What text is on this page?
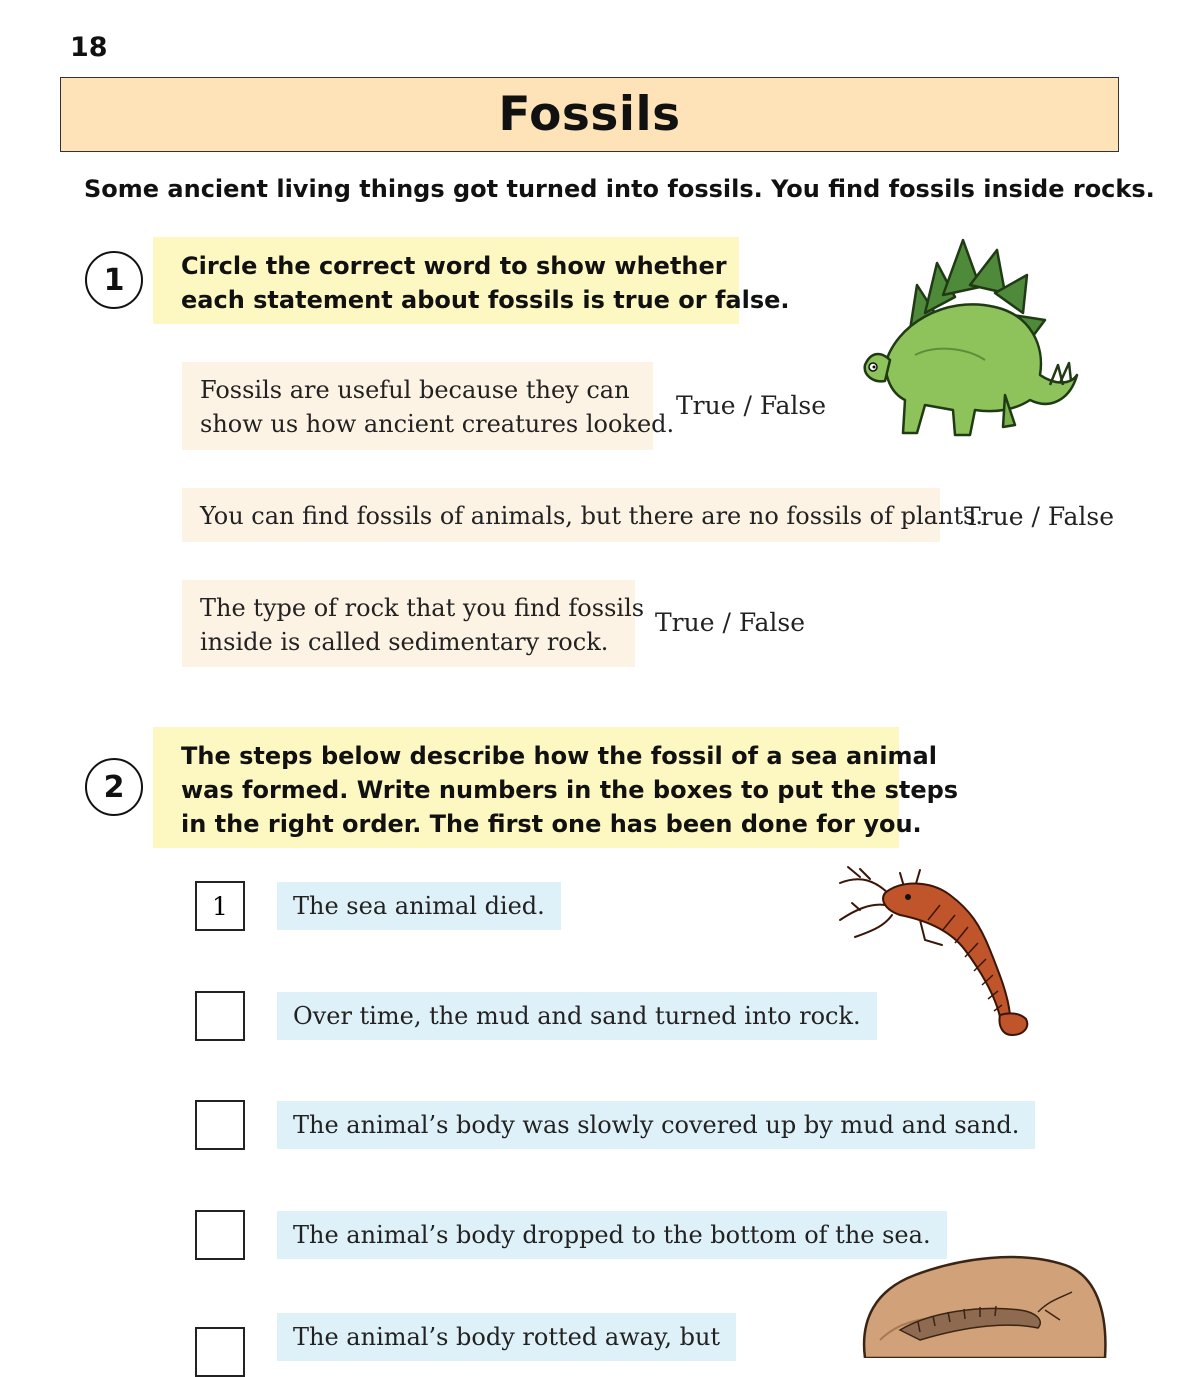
18
Fossils
Some ancient living things got turned into fossils. You find fossils inside rocks.
1	Circle the correct word to show whether
each statement about fossils is true or false.
Fossils are useful because they can
show us how ancient creatures looked.
True / False
You can find fossils of animals, but there are no fossils of plants.
True / False
The type of rock that you find fossils
inside is called sedimentary rock.
True / False
2
The steps below describe how the fossil of a sea animal
was formed. Write numbers in the boxes to put the steps
in the right order. The first one has been done for you.
1
The sea animal died.
Over time, the mud and sand turned into rock.
The animal’s body was slowly covered up by mud and sand.
The animal’s body dropped to the bottom of the sea.
The animal’s body rotted away, but
